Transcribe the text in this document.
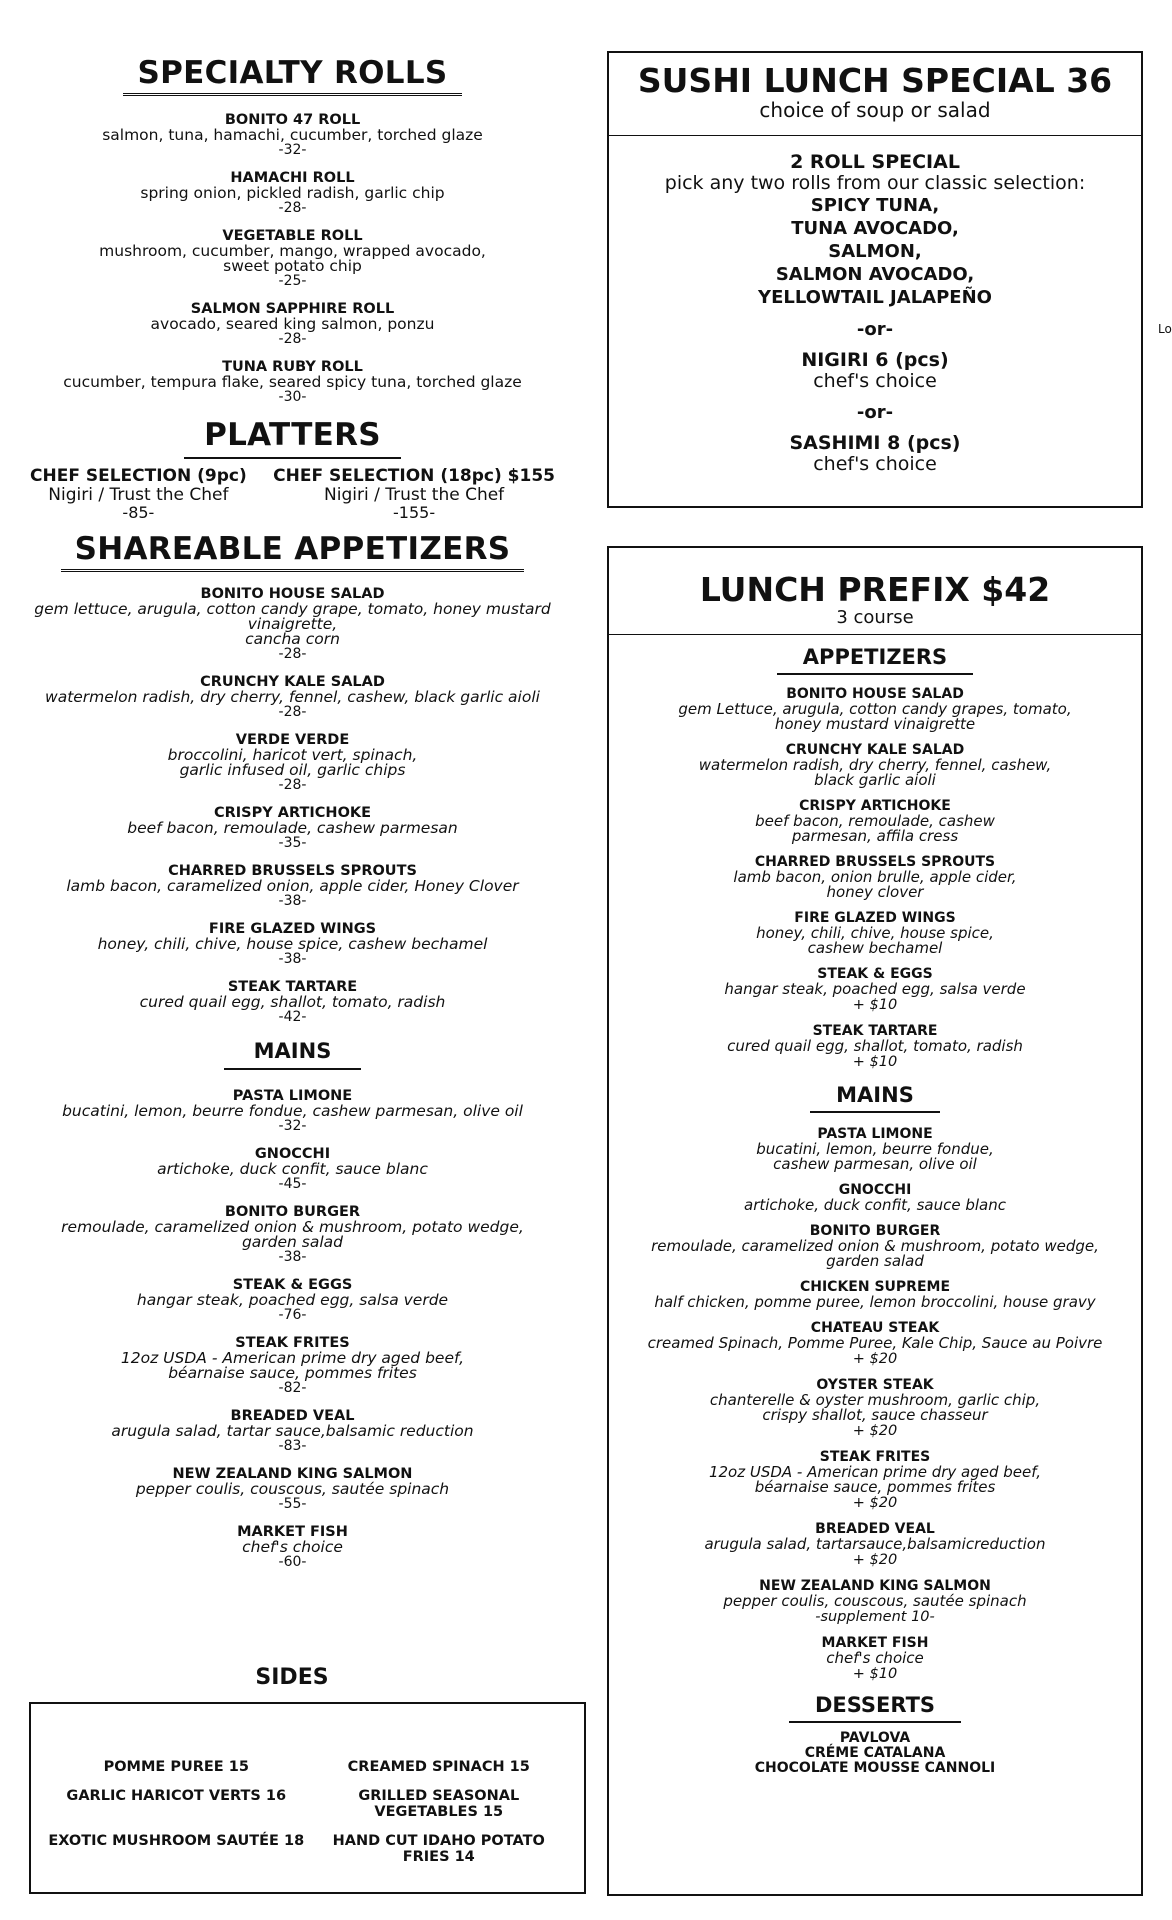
SPECIALTY ROLLS
BONITO 47 ROLL
salmon, tuna, hamachi, cucumber, torched glaze
-32-
HAMACHI ROLL
spring onion, pickled radish, garlic chip
-28-
VEGETABLE ROLL
mushroom, cucumber, mango, wrapped avocado,
sweet potato chip
-25-
SALMON SAPPHIRE ROLL
avocado, seared king salmon, ponzu
-28-
TUNA RUBY ROLL
cucumber, tempura flake, seared spicy tuna, torched glaze
-30-
PLATTERS
CHEF SELECTION (9pc)
Nigiri / Trust the Chef
-85-
CHEF SELECTION (18pc) $155
Nigiri / Trust the Chef
-155-
SHAREABLE APPETIZERS
BONITO HOUSE SALAD
gem lettuce, arugula, cotton candy grape, tomato, honey mustard
vinaigrette,
cancha corn
-28-
CRUNCHY KALE SALAD
watermelon radish, dry cherry, fennel, cashew, black garlic aioli
-28-
VERDE VERDE
broccolini, haricot vert, spinach,
garlic infused oil, garlic chips
-28-
CRISPY ARTICHOKE
beef bacon, remoulade, cashew parmesan
-35-
CHARRED BRUSSELS SPROUTS
lamb bacon, caramelized onion, apple cider, Honey Clover
-38-
FIRE GLAZED WINGS
honey, chili, chive, house spice, cashew bechamel
-38-
STEAK TARTARE
cured quail egg, shallot, tomato, radish
-42-
MAINS
PASTA LIMONE
bucatini, lemon, beurre fondue, cashew parmesan, olive oil
-32-
GNOCCHI
artichoke, duck confit, sauce blanc
-45-
BONITO BURGER
remoulade, caramelized onion & mushroom, potato wedge,
garden salad
-38-
STEAK & EGGS
hangar steak, poached egg, salsa verde
-76-
STEAK FRITES
12oz USDA - American prime dry aged beef,
béarnaise sauce, pommes frites
-82-
BREADED VEAL
arugula salad, tartar sauce,balsamic reduction
-83-
NEW ZEALAND KING SALMON
pepper coulis, couscous, sautée spinach
-55-
MARKET FISH
chef's choice
-60-
SIDES
POMME PUREE 15	CREAMED SPINACH 15
GARLIC HARICOT VERTS 16	GRILLED SEASONAL VEGETABLES 15
EXOTIC MUSHROOM SAUTÉE 18	HAND CUT IDAHO POTATO FRIES 14
SUSHI LUNCH SPECIAL 36
choice of soup or salad
2 ROLL SPECIAL
pick any two rolls from our classic selection:
SPICY TUNA,
TUNA AVOCADO,
SALMON,
SALMON AVOCADO,
YELLOWTAIL JALAPEÑO
-or-
NIGIRI 6 (pcs)
chef's choice
-or-
SASHIMI 8 (pcs)
chef's choice
LUNCH PREFIX $42
3 course
APPETIZERS
BONITO HOUSE SALAD
gem Lettuce, arugula, cotton candy grapes, tomato,
honey mustard vinaigrette
CRUNCHY KALE SALAD
watermelon radish, dry cherry, fennel, cashew,
black garlic aioli
CRISPY ARTICHOKE
beef bacon, remoulade, cashew
parmesan, affila cress
CHARRED BRUSSELS SPROUTS
lamb bacon, onion brulle, apple cider,
honey clover
FIRE GLAZED WINGS
honey, chili, chive, house spice,
cashew bechamel
STEAK & EGGS
hangar steak, poached egg, salsa verde
+ $10
STEAK TARTARE
cured quail egg, shallot, tomato, radish
+ $10
MAINS
PASTA LIMONE
bucatini, lemon, beurre fondue,
cashew parmesan, olive oil
GNOCCHI
artichoke, duck confit, sauce blanc
BONITO BURGER
remoulade, caramelized onion & mushroom, potato wedge,
garden salad
CHICKEN SUPREME
half chicken, pomme puree, lemon broccolini, house gravy
CHATEAU STEAK
creamed Spinach, Pomme Puree, Kale Chip, Sauce au Poivre
+ $20
OYSTER STEAK
chanterelle & oyster mushroom, garlic chip,
crispy shallot, sauce chasseur
+ $20
STEAK FRITES
12oz USDA - American prime dry aged beef,
béarnaise sauce, pommes frites
+ $20
BREADED VEAL
arugula salad, tartarsauce,balsamicreduction
+ $20
NEW ZEALAND KING SALMON
pepper coulis, couscous, sautée spinach
-supplement 10-
MARKET FISH
chef's choice
+ $10
DESSERTS
PAVLOVA
CRÉME CATALANA
CHOCOLATE MOUSSE CANNOLI
Lo
